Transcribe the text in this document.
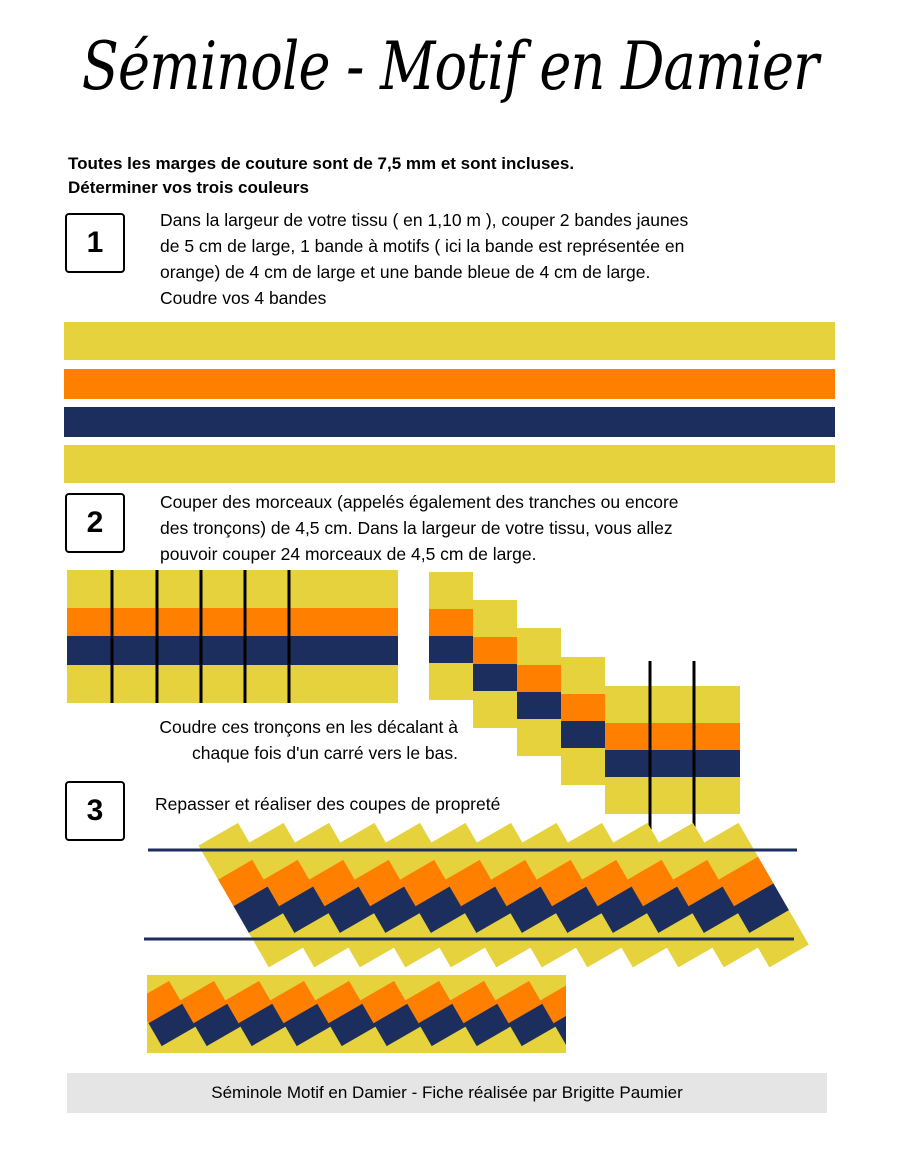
Séminole - Motif en Damier
Toutes les marges de couture sont de 7,5 mm et sont incluses.
Déterminer vos trois couleurs
1
Dans la largeur de votre tissu ( en 1,10 m ), couper 2 bandes jaunes
de 5 cm de large, 1 bande à motifs ( ici la bande est représentée en
orange) de 4 cm de large et une bande bleue de 4 cm de large.
Coudre vos 4 bandes
2
Couper des morceaux (appelés également des tranches ou encore
des tronçons) de 4,5 cm. Dans la largeur de votre tissu, vous allez
pouvoir couper 24 morceaux de 4,5 cm de large.
Coudre ces tronçons en les décalant à
chaque fois d'un carré vers le bas.
3	Repasser et réaliser des coupes de propreté
Séminole Motif en Damier - Fiche réalisée par Brigitte Paumier
